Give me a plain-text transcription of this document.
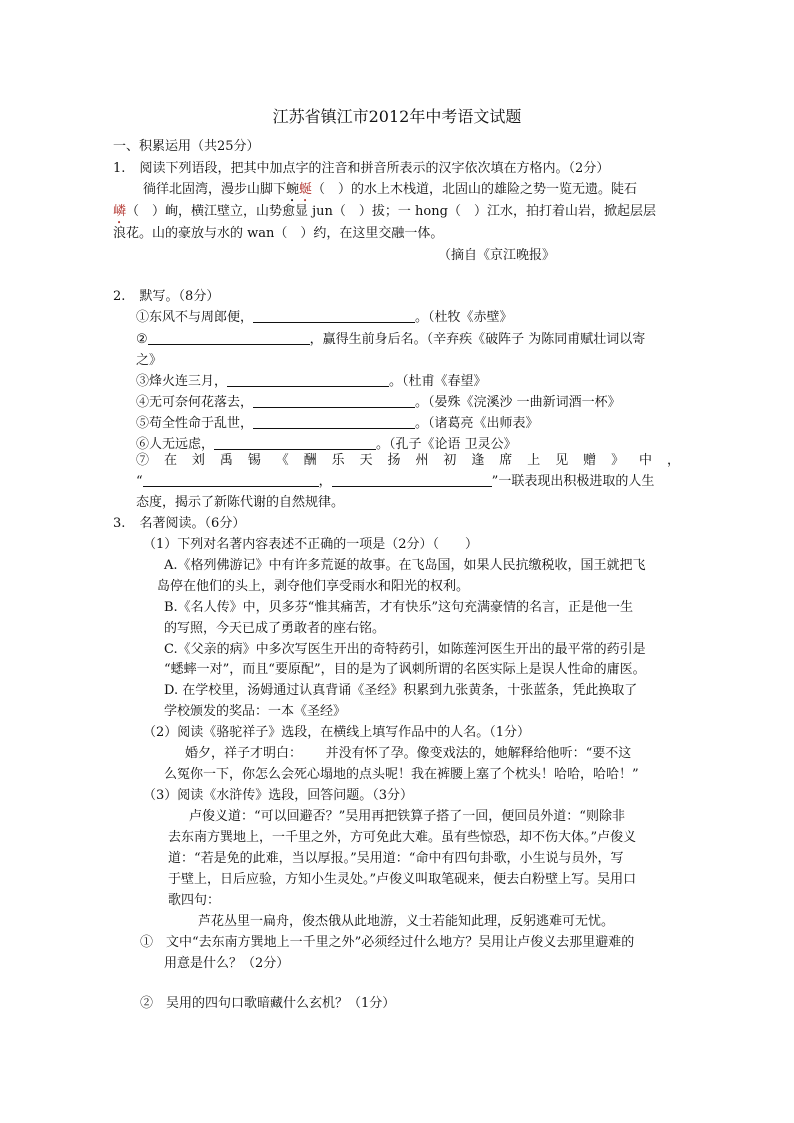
江苏省镇江市2012年中考语文试题
一、积累运用（共25分）
1. 阅读下列语段，把其中加点字的注音和拼音所表示的汉字依次填在方格内。（2分）
徜徉北固湾，漫步山脚下蜿蜒（　）的水上木栈道，北固山的雄险之势一览无遗。陡石
嶙（　）峋，横江壁立，山势愈显 jun（　）拔；一 hong（　）江水，拍打着山岩，掀起层层
浪花。山的豪放与水的 wan（　）约，在这里交融一体。
（摘自《京江晚报》
2. 默写。（8分）
①东风不与周郎便，	。（杜牧《赤壁》
②	，赢得生前身后名。（辛弃疾《破阵子 为陈同甫赋壮词以寄
之》
③烽火连三月，	。（杜甫《春望》
④无可奈何花落去，	。（晏殊《浣溪沙 一曲新词酒一杯》
⑤苟全性命于乱世，	。（诸葛亮《出师表》
⑥人无远虑，	。（孔子《论语 卫灵公》
⑦在刘禹锡《酬乐天扬州初逢席上见赠》中，
“	，	”一联表现出积极进取的人生
态度，揭示了新陈代谢的自然规律。
3. 名著阅读。（6分）
（1）下列对名著内容表述不正确的一项是（2分）（　　）
A.《格列佛游记》中有许多荒诞的故事。在飞岛国，如果人民抗缴税收，国王就把飞
岛停在他们的头上，剥夺他们享受雨水和阳光的权利。
B.《名人传》中，贝多芬“惟其痛苦，才有快乐”这句充满豪情的名言，正是他一生
的写照，今天已成了勇敢者的座右铭。
C.《父亲的病》中多次写医生开出的奇特药引，如陈莲河医生开出的最平常的药引是
“蟋蟀一对”，而且“要原配”，目的是为了讽刺所谓的名医实际上是误人性命的庸医。
D. 在学校里，汤姆通过认真背诵《圣经》积累到九张黄条，十张蓝条，凭此换取了
学校颁发的奖品：一本《圣经》
（2）阅读《骆驼祥子》选段，在横线上填写作品中的人名。（1分）
婚夕，祥子才明白：　　 并没有怀了孕。像变戏法的，她解释给他听：“要不这
么冤你一下，你怎么会死心塌地的点头呢！我在裤腰上塞了个枕头！哈哈，哈哈！”
（3）阅读《水浒传》选段，回答问题。（3分）
卢俊义道：“可以回避否？”吴用再把铁算子搭了一回，便回员外道：“则除非
去东南方巽地上，一千里之外，方可免此大难。虽有些惊恐，却不伤大体。”卢俊义
道：“若是免的此难，当以厚报。”吴用道：“命中有四句卦歌，小生说与员外，写
于壁上，日后应验，方知小生灵处。”卢俊义叫取笔砚来，便去白粉壁上写。吴用口
歌四句：
芦花丛里一扁舟，俊杰俄从此地游，义士若能知此理，反躬逃难可无忧。
①　文中“去东南方巽地上一千里之外”必须经过什么地方？吴用让卢俊义去那里避难的
用意是什么？（2分）
②　吴用的四句口歌暗藏什么玄机？（1分）
